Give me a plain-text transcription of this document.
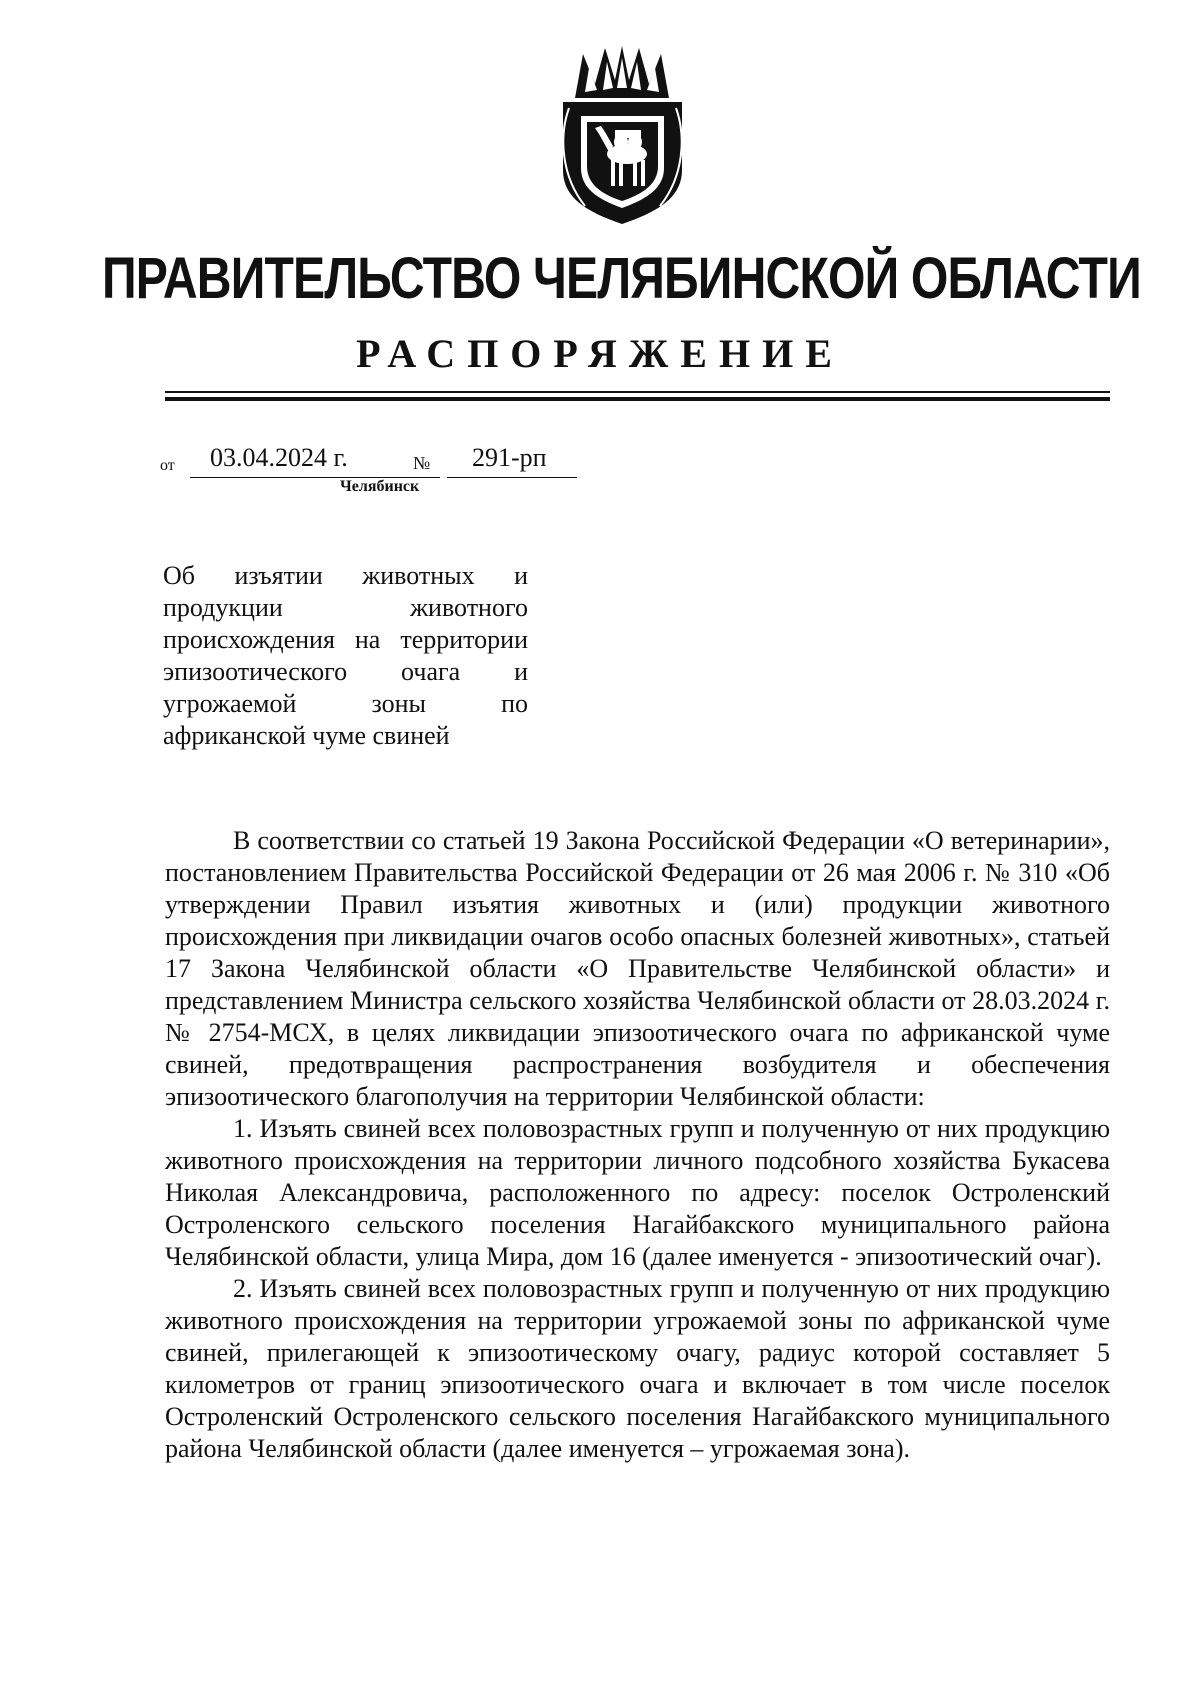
ПРАВИТЕЛЬСТВО ЧЕЛЯБИНСКОЙ ОБЛАСТИ
РАСПОРЯЖЕНИЕ
от 03.04.2024 г.	№ 291-рп
Челябинск
Об изъятии животных и продукции животного происхождения на территории эпизоотического очага и угрожаемой зоны по африканской чуме свиней

В соответствии со статьей 19 Закона Российской Федерации «О ветеринарии», постановлением Правительства Российской Федерации от 26 мая 2006 г. № 310 «Об утверждении Правил изъятия животных и (или) продукции животного происхождения при ликвидации очагов особо опасных болезней животных», статьей 17 Закона Челябинской области «О Правительстве Челябинской области» и представлением Министра сельского хозяйства Челябинской области от 28.03.2024 г. № 2754-МСХ, в целях ликвидации эпизоотического очага по африканской чуме свиней, предотвращения распространения возбудителя и обеспечения эпизоотического благополучия на территории Челябинской области:

1. Изъять свиней всех половозрастных групп и полученную от них продукцию животного происхождения на территории личного подсобного хозяйства Букасева Николая Александровича, расположенного по адресу: поселок Остроленский Остроленского сельского поселения Нагайбакского муниципального района Челябинской области, улица Мира, дом 16 (далее именуется - эпизоотический очаг).

2. Изъять свиней всех половозрастных групп и полученную от них продукцию животного происхождения на территории угрожаемой зоны по африканской чуме свиней, прилегающей к эпизоотическому очагу, радиус которой составляет 5 километров от границ эпизоотического очага и включает в том числе поселок Остроленский Остроленского сельского поселения Нагайбакского муниципального района Челябинской области (далее именуется – угрожаемая зона).
